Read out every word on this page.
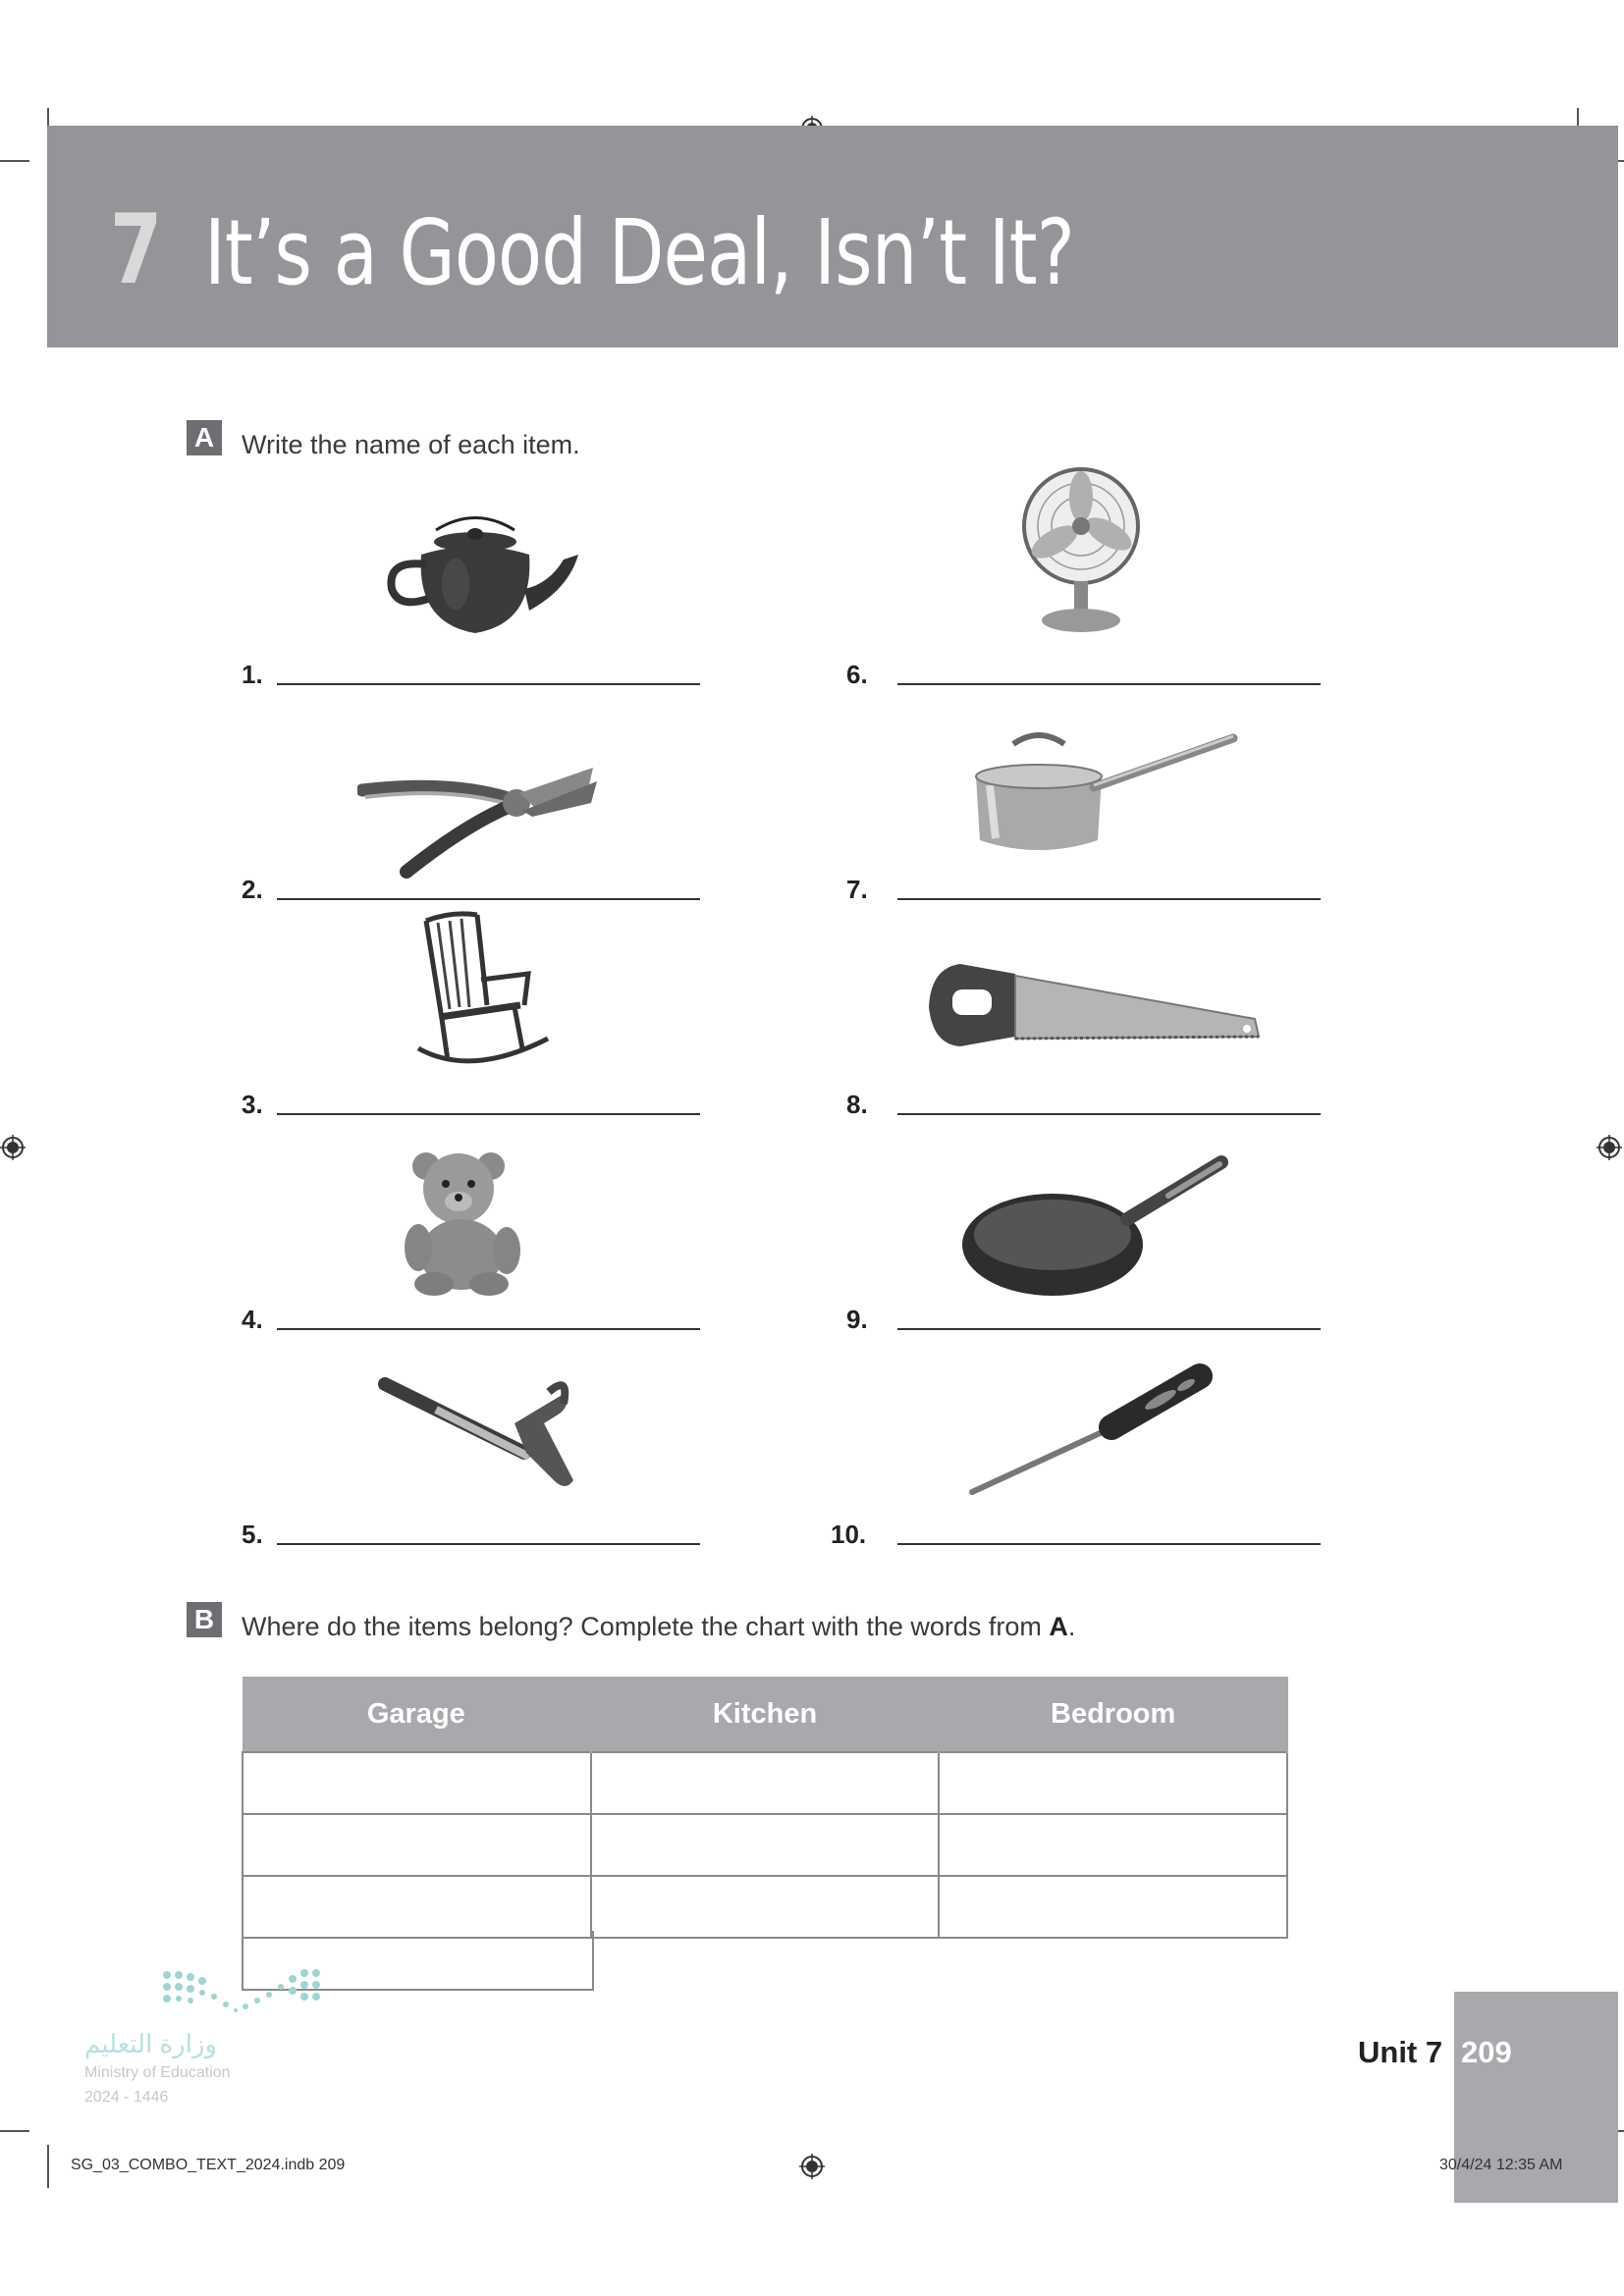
7 It’s a Good Deal, Isn’t It?
A Write the name of each item.
1.
2.
3.
4.
5.
6.
7.
8.
9.
10.
B Where do the items belong? Complete the chart with the words from A.
Garage	Kitchen	Bedroom

وزارة التعليم
Ministry of Education
2024 - 1446
Unit 7 209
SG_03_COMBO_TEXT_2024.indb 209	30/4/24 12:35 AM
